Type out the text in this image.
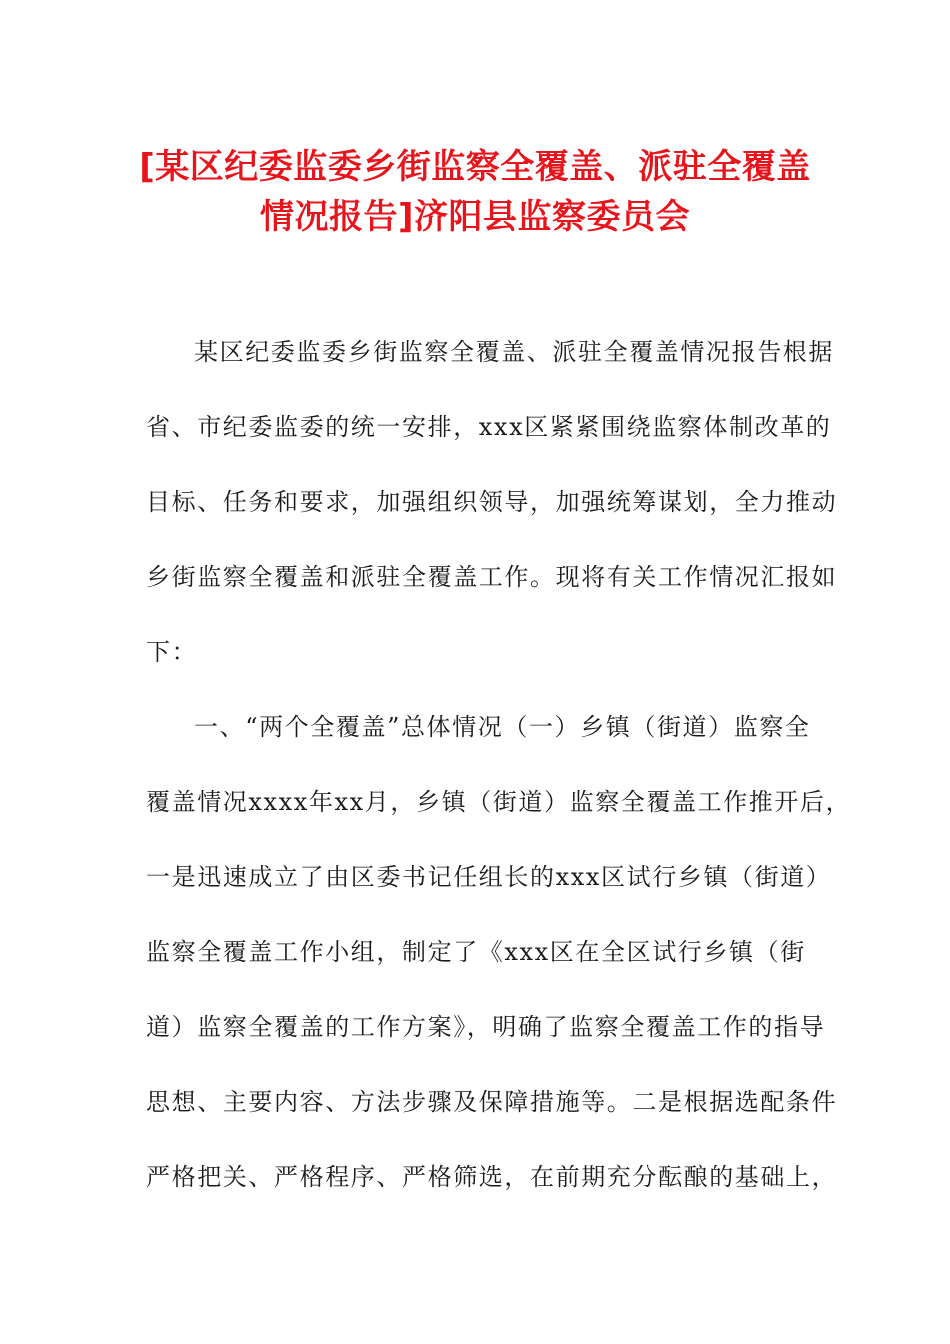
[某区纪委监委乡街监察全覆盖、派驻全覆盖
情况报告]济阳县监察委员会
某区纪委监委乡街监察全覆盖、派驻全覆盖情况报告根据
省、市纪委监委的统一安排，xxx区紧紧围绕监察体制改革的
目标、任务和要求，加强组织领导，加强统筹谋划，全力推动
乡街监察全覆盖和派驻全覆盖工作。现将有关工作情况汇报如
下：
一、“两个全覆盖”总体情况（一）乡镇（街道）监察全
覆盖情况xxxx年xx月，乡镇（街道）监察全覆盖工作推开后，
一是迅速成立了由区委书记任组长的xxx区试行乡镇（街道）
监察全覆盖工作小组，制定了《xxx区在全区试行乡镇（街
道）监察全覆盖的工作方案》，明确了监察全覆盖工作的指导
思想、主要内容、方法步骤及保障措施等。二是根据选配条件
严格把关、严格程序、严格筛选，在前期充分酝酿的基础上，
